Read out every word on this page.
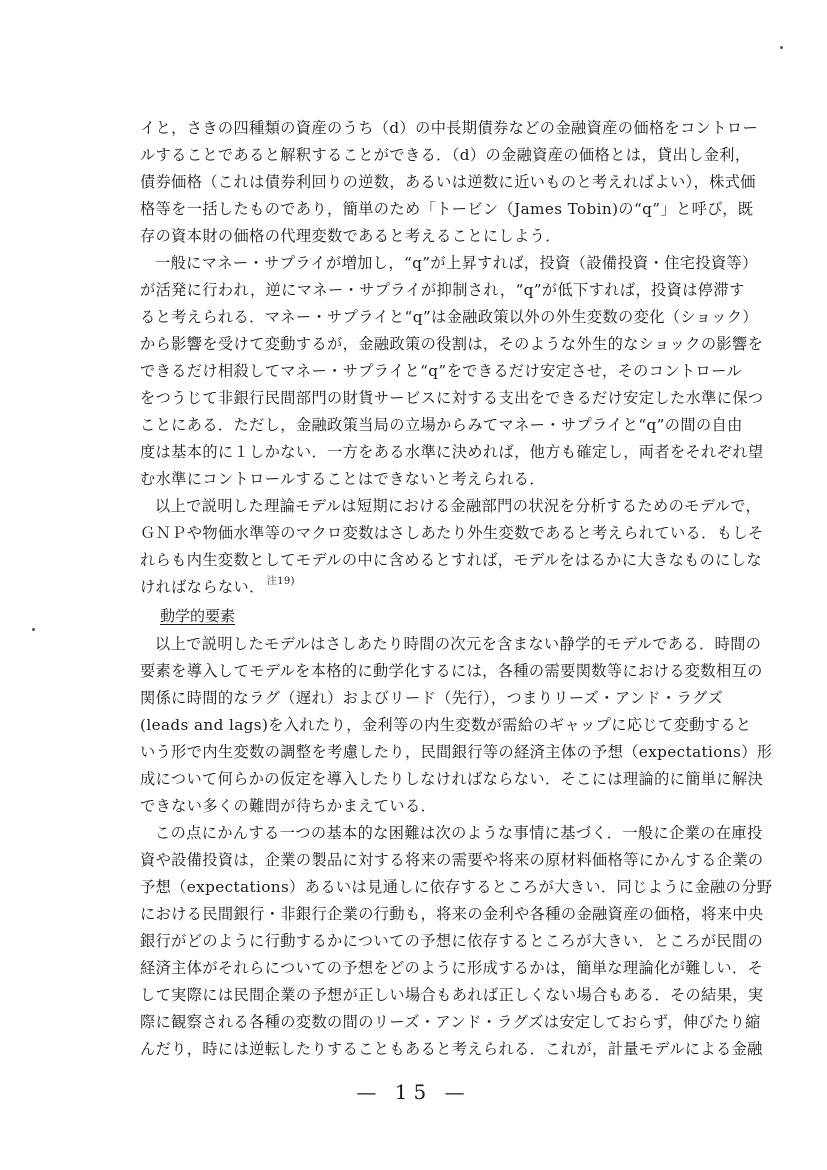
イと，さきの四種類の資産のうち（d）の中長期債券などの金融資産の価格をコントロー
ルすることであると解釈することができる．（d）の金融資産の価格とは，貸出し金利，
債券価格（これは債券利回りの逆数，あるいは逆数に近いものと考えればよい），株式価
格等を一括したものであり，簡単のため「トービン（James Tobin)の“q”」と呼び，既
存の資本財の価格の代理変数であると考えることにしよう．
一般にマネー・サプライが増加し，“q”が上昇すれば，投資（設備投資・住宅投資等）
が活発に行われ，逆にマネー・サプライが抑制され，“q”が低下すれば，投資は停滞す
ると考えられる．マネー・サプライと“q”は金融政策以外の外生変数の変化（ショック）
から影響を受けて変動するが，金融政策の役割は，そのような外生的なショックの影響を
できるだけ相殺してマネー・サプライと“q”をできるだけ安定させ，そのコントロール
をつうじて非銀行民間部門の財貨サービスに対する支出をできるだけ安定した水準に保つ
ことにある．ただし，金融政策当局の立場からみてマネー・サプライと“q”の間の自由
度は基本的に１しかない．一方をある水準に決めれば，他方も確定し，両者をそれぞれ望
む水準にコントロールすることはできないと考えられる．
以上で説明した理論モデルは短期における金融部門の状況を分析するためのモデルで，
ＧＮＰや物価水準等のマクロ変数はさしあたり外生変数であると考えられている．もしそ
れらも内生変数としてモデルの中に含めるとすれば，モデルをはるかに大きなものにしな
ければならない． $^{注19)}$
動学的要素
以上で説明したモデルはさしあたり時間の次元を含まない静学的モデルである．時間の
要素を導入してモデルを本格的に動学化するには，各種の需要関数等における変数相互の
関係に時間的なラグ（遅れ）およびリード（先行），つまりリーズ・アンド・ラグズ
(leads and lags)を入れたり，金利等の内生変数が需給のギャップに応じて変動すると
いう形で内生変数の調整を考慮したり，民間銀行等の経済主体の予想（expectations）形
成について何らかの仮定を導入したりしなければならない．そこには理論的に簡単に解決
できない多くの難問が待ちかまえている．
この点にかんする一つの基本的な困難は次のような事情に基づく．一般に企業の在庫投
資や設備投資は，企業の製品に対する将来の需要や将来の原材料価格等にかんする企業の
予想（expectations）あるいは見通しに依存するところが大きい．同じように金融の分野
における民間銀行・非銀行企業の行動も，将来の金利や各種の金融資産の価格，将来中央
銀行がどのように行動するかについての予想に依存するところが大きい．ところが民間の
経済主体がそれらについての予想をどのように形成するかは，簡単な理論化が難しい．そ
して実際には民間企業の予想が正しい場合もあれば正しくない場合もある．その結果，実
際に観察される各種の変数の間のリーズ・アンド・ラグズは安定しておらず，伸びたり縮
んだり，時には逆転したりすることもあると考えられる．これが，計量モデルによる金融
— 15 —
